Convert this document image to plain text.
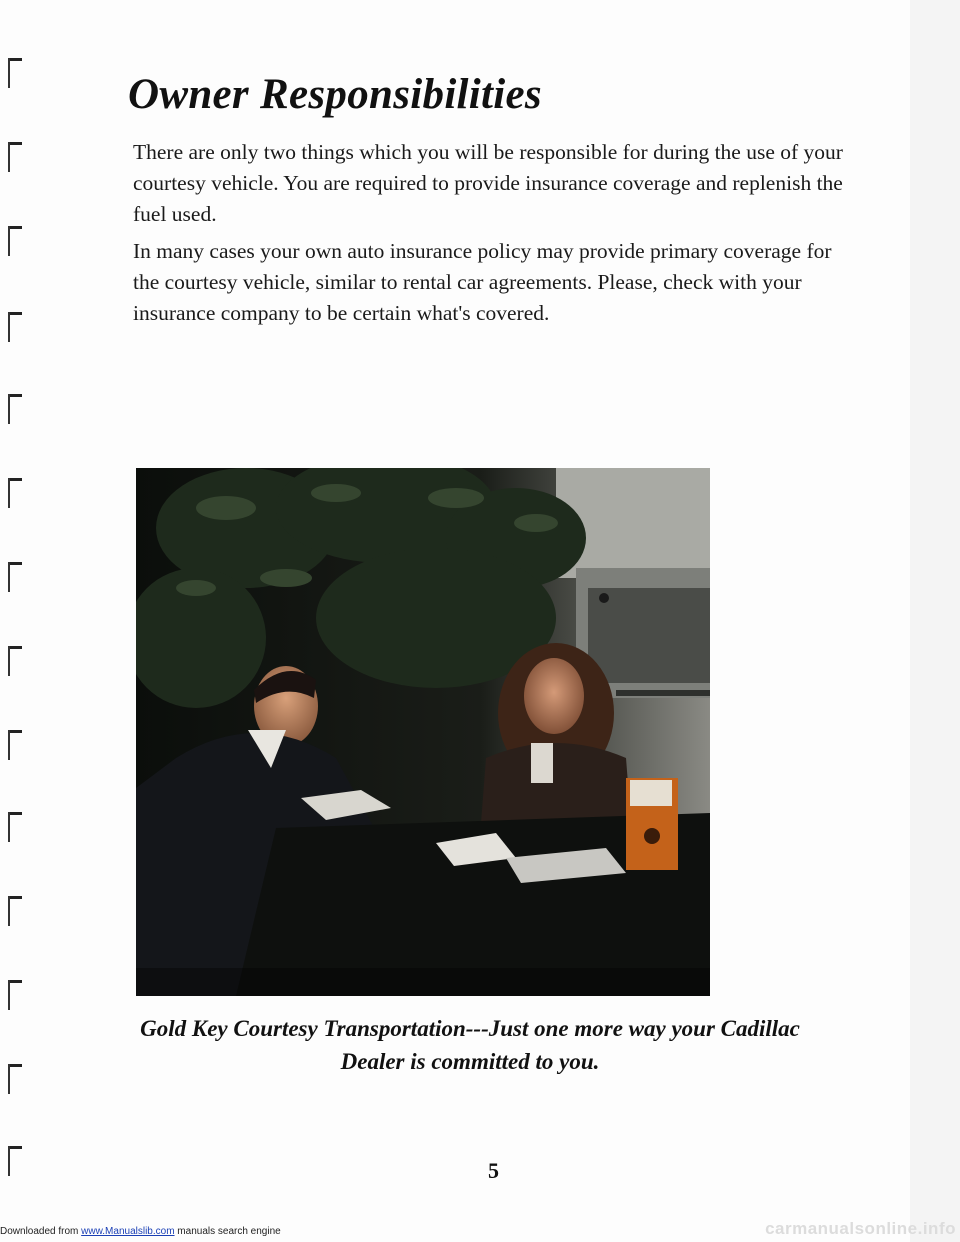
Owner Responsibilities

There are only two things which you will be responsible for during the use of your courtesy vehicle. You are required to provide insurance coverage and replenish the fuel used.

In many cases your own auto insurance policy may provide primary coverage for the courtesy vehicle, similar to rental car agreements. Please, check with your insurance company to be certain what's covered.

Gold Key Courtesy Transportation---Just one more way your Cadillac
Dealer is committed to you.

5
Downloaded from www.Manualslib.com manuals search engine	carmanualsonline.info
